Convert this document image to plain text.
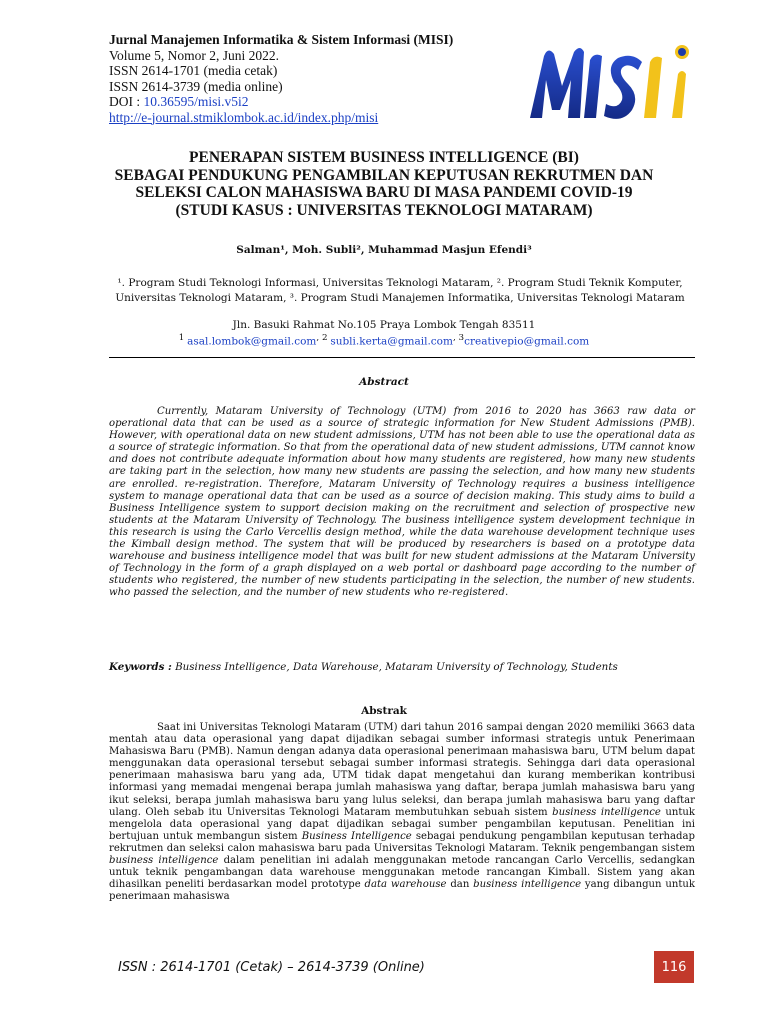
Jurnal Manajemen Informatika & Sistem Informasi (MISI)
Volume 5, Nomor 2, Juni 2022.
ISSN 2614-1701 (media cetak)
ISSN 2614-3739 (media online)
DOI : 10.36595/misi.v5i2
http://e-journal.stmiklombok.ac.id/index.php/misi
PENERAPAN SISTEM BUSINESS INTELLIGENCE (BI)
SEBAGAI PENDUKUNG PENGAMBILAN KEPUTUSAN REKRUTMEN DAN
SELEKSI CALON MAHASISWA BARU DI MASA PANDEMI COVID-19
(STUDI KASUS : UNIVERSITAS TEKNOLOGI MATARAM)
Salman¹, Moh. Subli², Muhammad Masjun Efendi³
¹. Program Studi Teknologi Informasi, Universitas Teknologi Mataram, ². Program Studi Teknik Komputer,
Universitas Teknologi Mataram, ³. Program Studi Manajemen Informatika, Universitas Teknologi Mataram
Jln. Basuki Rahmat No.105 Praya Lombok Tengah 83511
$^1$ asal.lombok@gmail.com$^{, 2}$ subli.kerta@gmail.com$^{, 3}$creativepio@gmail.com
Abstract

Currently, Mataram University of Technology (UTM) from 2016 to 2020 has 3663 raw data or operational data that can be used as a source of strategic information for New Student Admissions (PMB). However, with operational data on new student admissions, UTM has not been able to use the operational data as a source of strategic information. So that from the operational data of new student admissions, UTM cannot know and does not contribute adequate information about how many students are registered, how many new students are taking part in the selection, how many new students are passing the selection, and how many new students are enrolled. re-registration. Therefore, Mataram University of Technology requires a business intelligence system to manage operational data that can be used as a source of decision making. This study aims to build a Business Intelligence system to support decision making on the recruitment and selection of prospective new students at the Mataram University of Technology. The business intelligence system development technique in this research is using the Carlo Vercellis design method, while the data warehouse development technique uses the Kimball design method. The system that will be produced by researchers is based on a prototype data warehouse and business intelligence model that was built for new student admissions at the Mataram University of Technology in the form of a graph displayed on a web portal or dashboard page according to the number of students who registered, the number of new students participating in the selection, the number of new students. who passed the selection, and the number of new students who re-registered.

Keywords : Business Intelligence, Data Warehouse, Mataram University of Technology, Students
Abstrak

Saat ini Universitas Teknologi Mataram (UTM) dari tahun 2016 sampai dengan 2020 memiliki 3663 data mentah atau data operasional yang dapat dijadikan sebagai sumber informasi strategis untuk Penerimaan Mahasiswa Baru (PMB). Namun dengan adanya data operasional penerimaan mahasiswa baru, UTM belum dapat menggunakan data operasional tersebut sebagai sumber informasi strategis. Sehingga dari data operasional penerimaan mahasiswa baru yang ada, UTM tidak dapat mengetahui dan kurang memberikan kontribusi informasi yang memadai mengenai berapa jumlah mahasiswa yang daftar, berapa jumlah mahasiswa baru yang ikut seleksi, berapa jumlah mahasiswa baru yang lulus seleksi, dan berapa jumlah mahasiswa baru yang daftar ulang. Oleh sebab itu Universitas Teknologi Mataram membutuhkan sebuah sistem business intelligence untuk mengelola data operasional yang dapat dijadikan sebagai sumber pengambilan keputusan. Penelitian ini bertujuan untuk membangun sistem Business Intelligence sebagai pendukung pengambilan keputusan terhadap rekrutmen dan seleksi calon mahasiswa baru pada Universitas Teknologi Mataram. Teknik pengembangan sistem business intelligence dalam penelitian ini adalah menggunakan metode rancangan Carlo Vercellis, sedangkan untuk teknik pengambangan data warehouse menggunakan metode rancangan Kimball. Sistem yang akan dihasilkan peneliti berdasarkan model prototype data warehouse dan business intelligence yang dibangun untuk penerimaan mahasiswa

ISSN : 2614-1701 (Cetak) – 2614-3739 (Online)	116
